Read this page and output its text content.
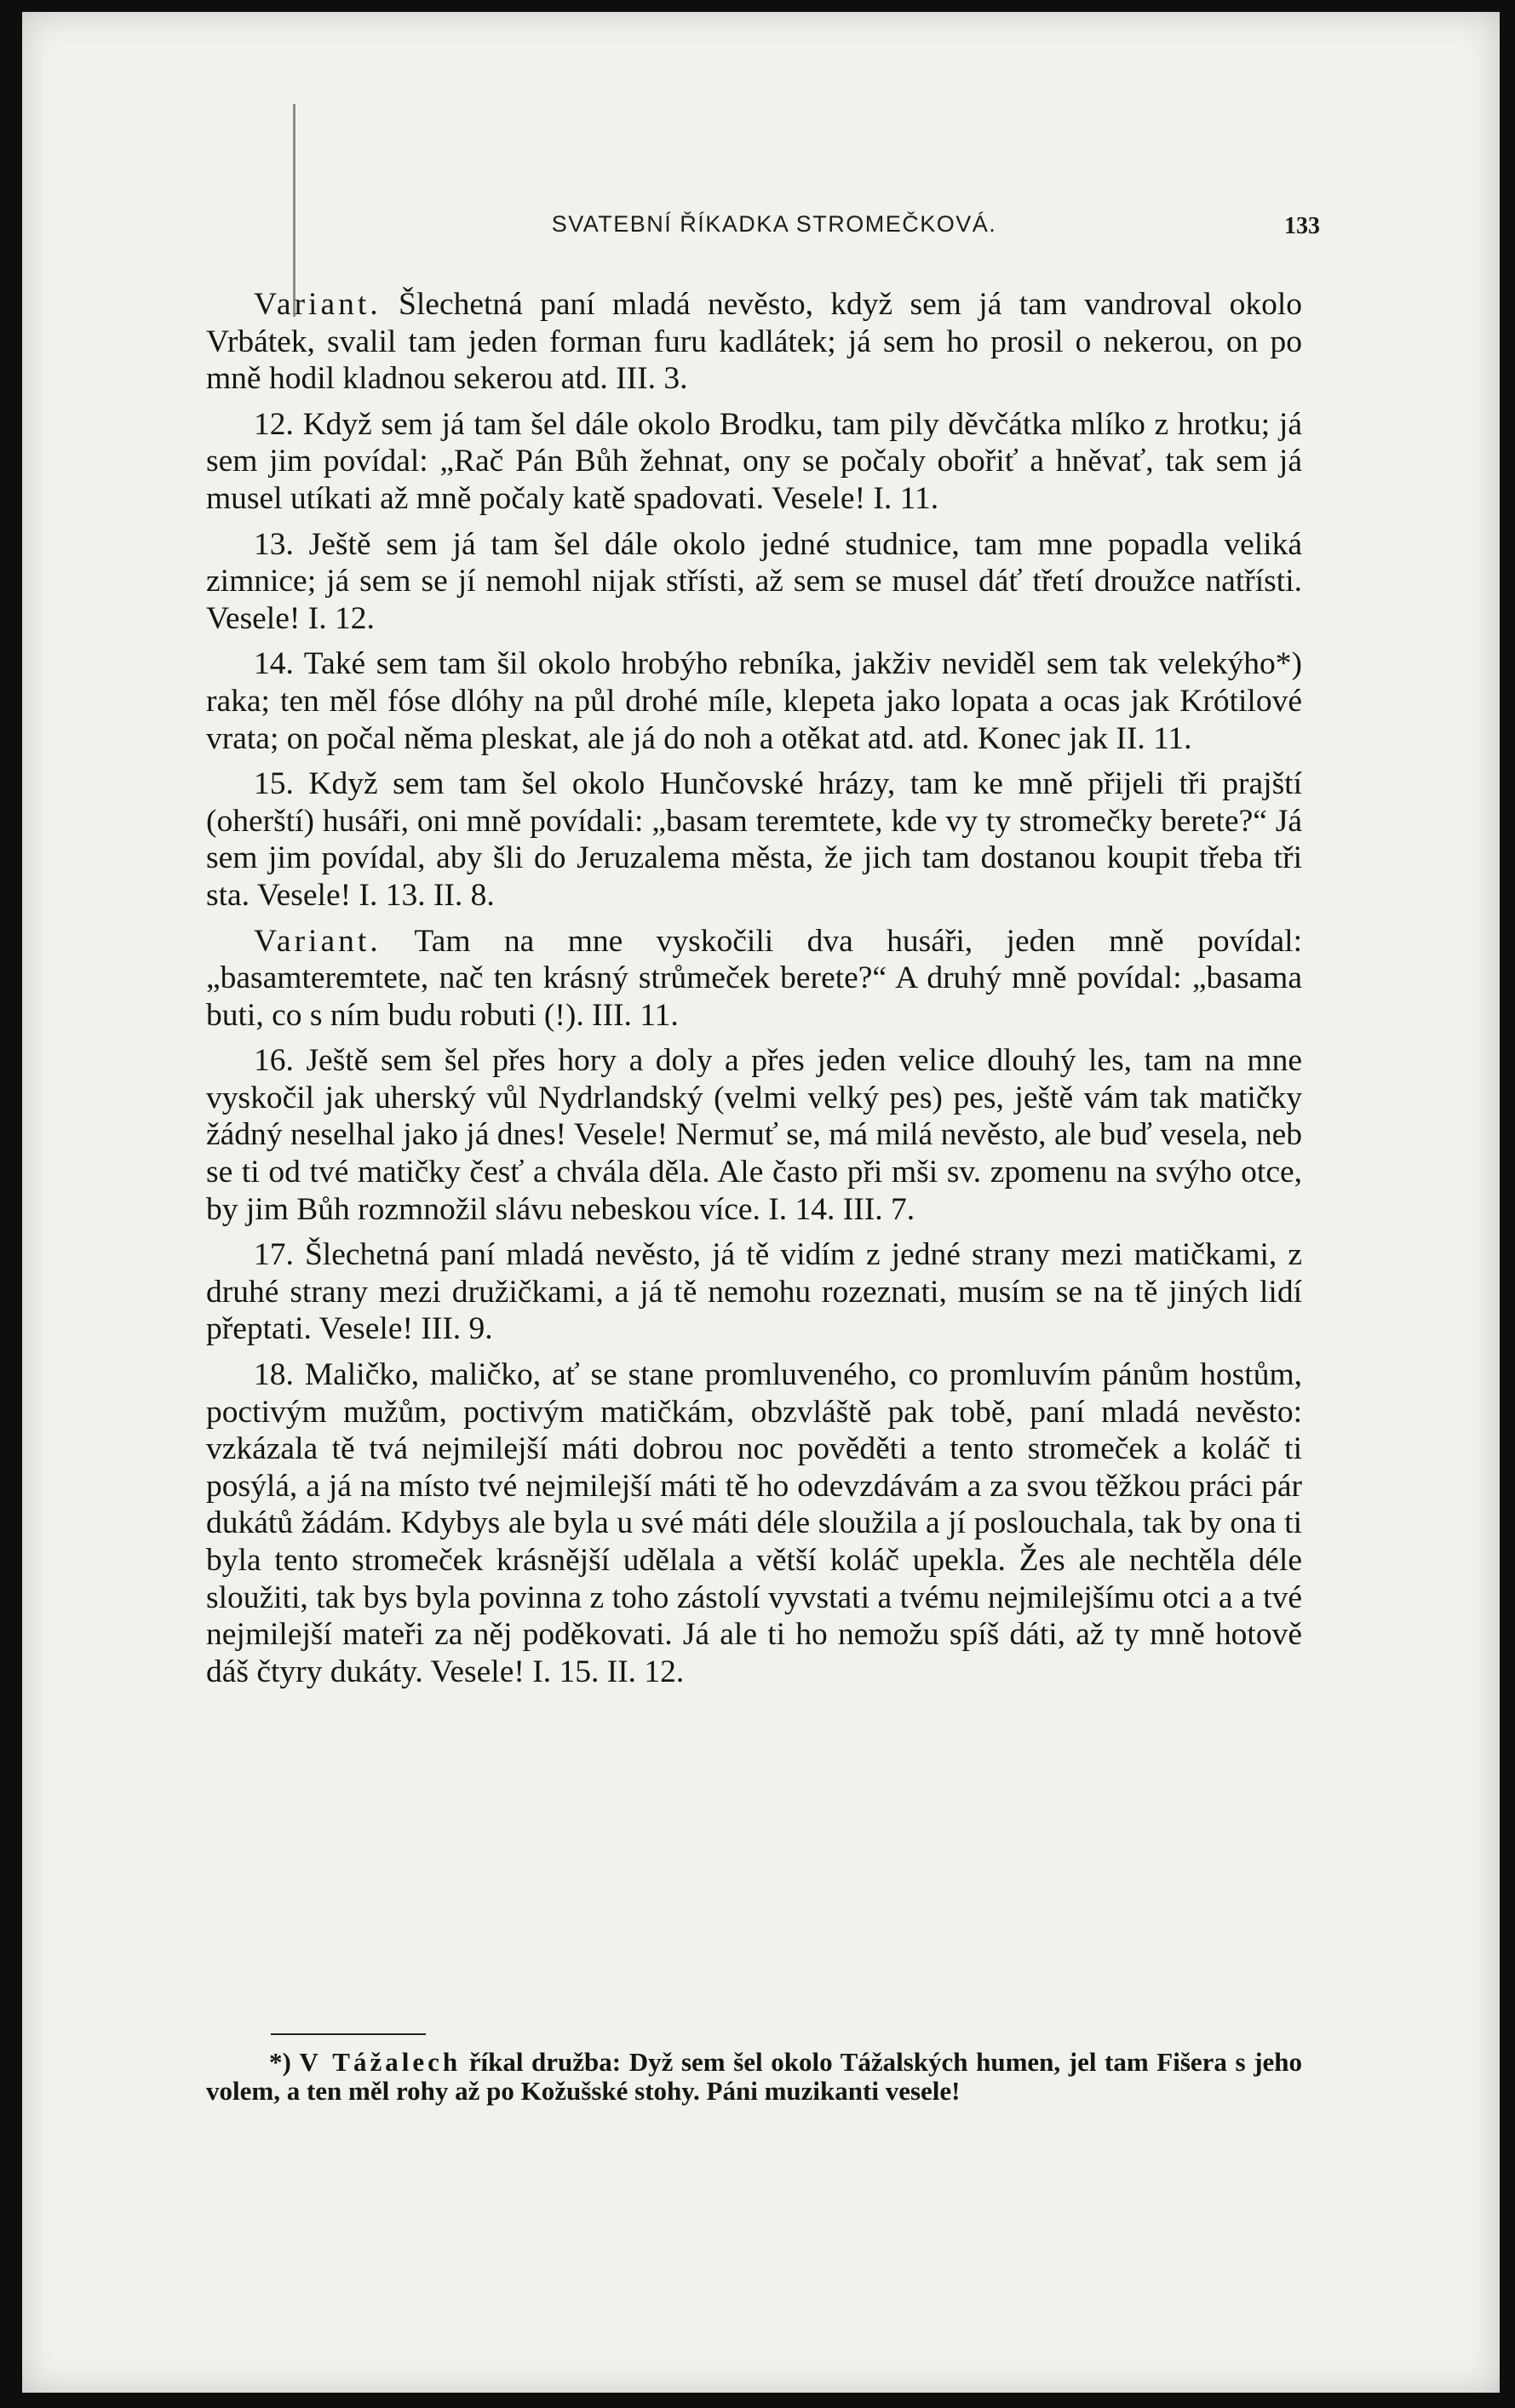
SVATEBNÍ ŘÍKADKA STROMEČKOVÁ.	133

Variant. Šlechetná paní mladá nevěsto, když sem já tam vandroval okolo Vrbátek, svalil tam jeden forman furu kadlátek; já sem ho prosil o nekerou, on po mně hodil kladnou sekerou atd. III. 3.

12. Když sem já tam šel dále okolo Brodku, tam pily děvčátka mlíko z hrotku; já sem jim povídal: „Rač Pán Bůh žehnat, ony se počaly obořiť a hněvať, tak sem já musel utíkati až mně počaly katě spadovati. Vesele! I. 11.

13. Ještě sem já tam šel dále okolo jedné studnice, tam mne popadla veliká zimnice; já sem se jí nemohl nijak střísti, až sem se musel dáť třetí droužce natřísti. Vesele! I. 12.

14. Také sem tam šil okolo hrobýho rebníka, jakživ neviděl sem tak velekýho*) raka; ten měl fóse dlóhy na půl drohé míle, klepeta jako lopata a ocas jak Krótilové vrata; on počal něma pleskat, ale já do noh a otěkat atd. atd. Konec jak II. 11.

15. Když sem tam šel okolo Hunčovské hrázy, tam ke mně přijeli tři prajští (oherští) husáři, oni mně povídali: „basam teremtete, kde vy ty stromečky berete?“ Já sem jim povídal, aby šli do Jeruzalema města, že jich tam dostanou koupit třeba tři sta. Vesele! I. 13. II. 8.

Variant. Tam na mne vyskočili dva husáři, jeden mně povídal: „basamteremtete, nač ten krásný strůmeček berete?“ A druhý mně povídal: „basama buti, co s ním budu robuti (!). III. 11.

16. Ještě sem šel přes hory a doly a přes jeden velice dlouhý les, tam na mne vyskočil jak uherský vůl Nydrlandský (velmi velký pes) pes, ještě vám tak matičky žádný neselhal jako já dnes! Vesele! Nermuť se, má milá nevěsto, ale buď vesela, neb se ti od tvé matičky česť a chvála děla. Ale často při mši sv. zpomenu na svýho otce, by jim Bůh rozmnožil slávu nebeskou více. I. 14. III. 7.

17. Šlechetná paní mladá nevěsto, já tě vidím z jedné strany mezi matičkami, z druhé strany mezi družičkami, a já tě nemohu rozeznati, musím se na tě jiných lidí přeptati. Vesele! III. 9.

18. Maličko, maličko, ať se stane promluveného, co promluvím pánům hostům, poctivým mužům, poctivým matičkám, obzvláště pak tobě, paní mladá nevěsto: vzkázala tě tvá nejmilejší máti dobrou noc pověděti a tento stromeček a koláč ti posýlá, a já na místo tvé nejmilejší máti tě ho odevzdávám a za svou těžkou práci pár dukátů žádám. Kdybys ale byla u své máti déle sloužila a jí poslouchala, tak by ona ti byla tento stromeček krásnější udělala a větší koláč upekla. Žes ale nechtěla déle sloužiti, tak bys byla povinna z toho zástolí vyvstati a tvému nejmilejšímu otci a a tvé nejmilejší mateři za něj poděkovati. Já ale ti ho nemožu spíš dáti, až ty mně hotově dáš čtyry dukáty. Vesele! I. 15. II. 12.

*) V Tážalech říkal družba: Dyž sem šel okolo Tážalských humen, jel tam Fišera s jeho volem, a ten měl rohy až po Kožušské stohy. Páni muzikanti vesele!
